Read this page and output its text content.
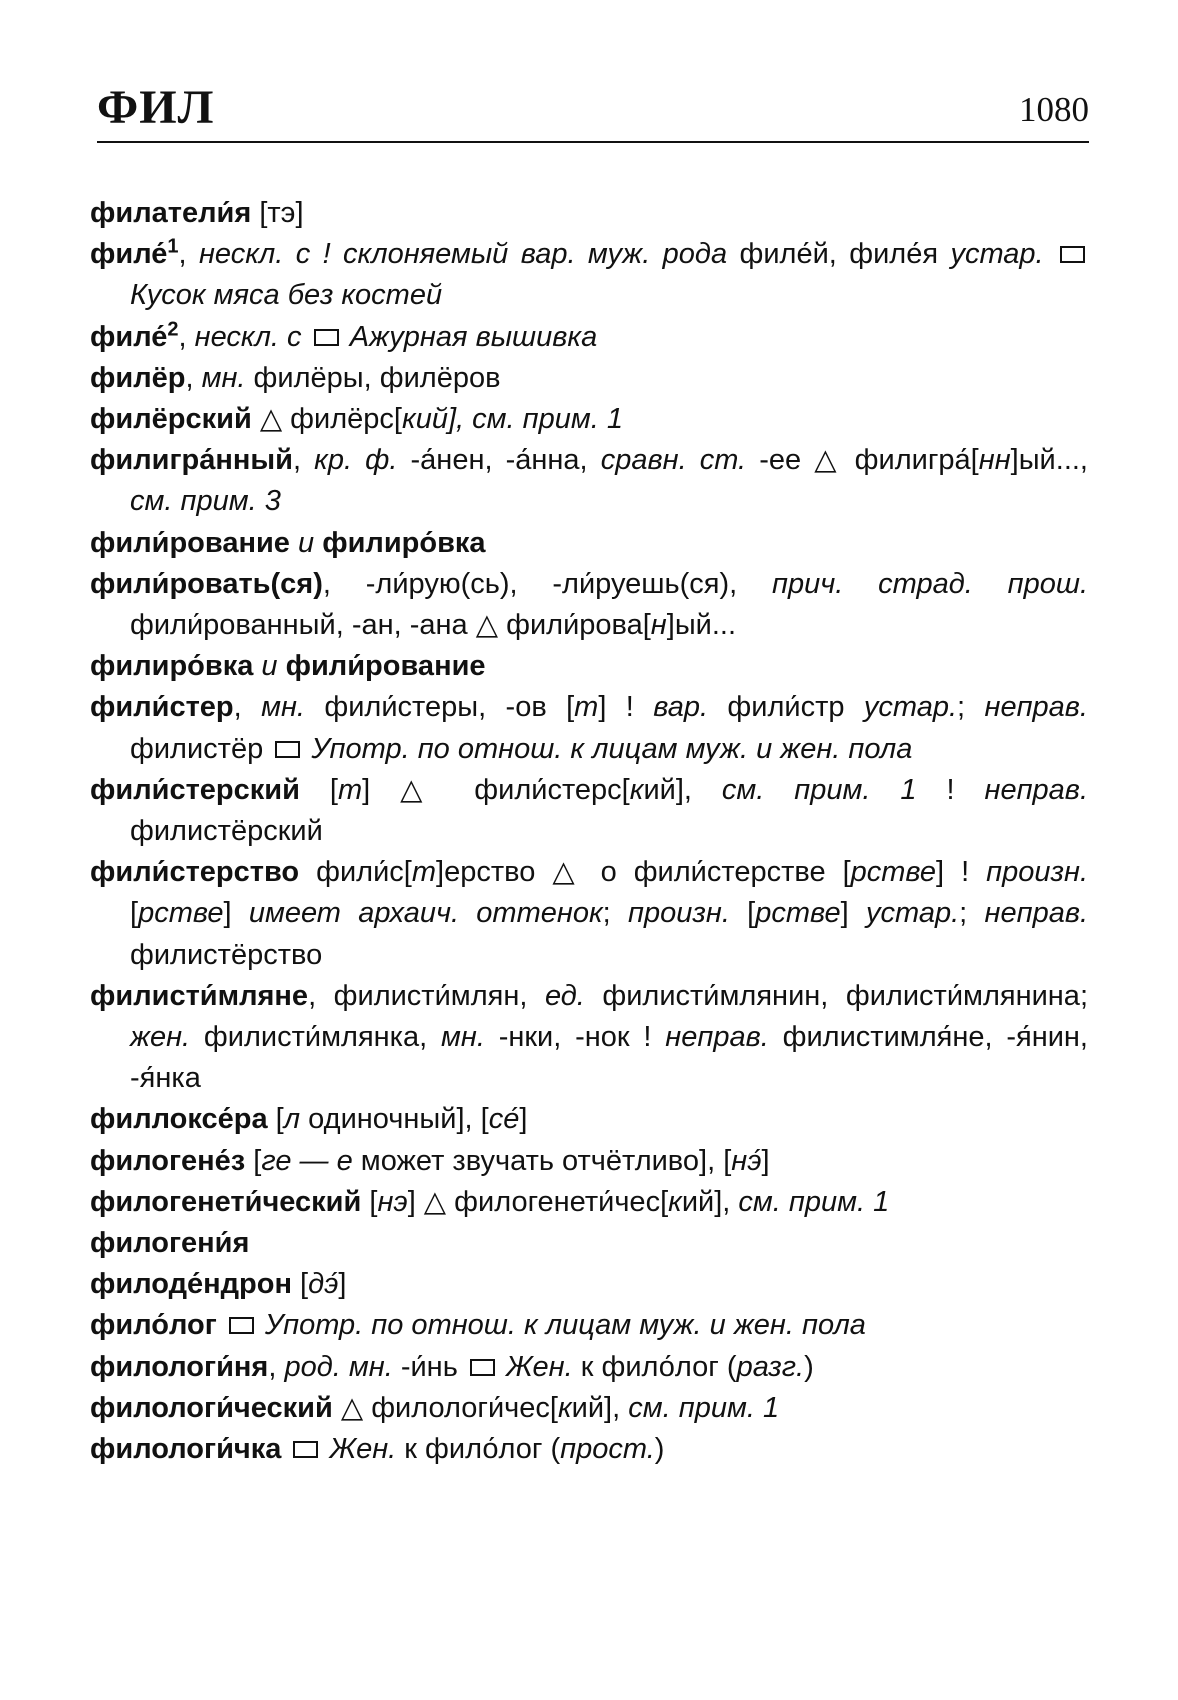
ФИЛ	1080

филатели́я [тэ]

филе́$^1$, нескл. с ! склоняемый вар. муж. рода филе́й, филе́я устар.  Кусок мяса без костей

филе́$^2$, нескл. с Ажурная вышивка

филёр, мн. филёры, филёров

филёрский △ филёрс[кий], см. прим. 1

филигра́нный, кр. ф. -а́нен, -а́нна, сравн. ст. -ее △ филигра́[нн]ый..., см. прим. 3

фили́рование и филиро́вка

фили́ровать(ся), -ли́рую(сь), -ли́руешь(ся), прич. страд. прош. фили́рованный, -ан, -ана △ фили́рова[н]ый...

филиро́вка и фили́рование

фили́стер, мн. фили́стеры, -ов [т] ! вар. фили́стр устар.; неправ. филистёр  Употр. по отнош. к лицам муж. и жен. пола

фили́стерский [т] △ фили́стерс[кий], см. прим. 1 ! неправ. филистёрский

фили́стерство фили́с[т]ерство △ о фили́стерстве [рстве] ! произн. [рстве] имеет архаич. оттенок; произн. [рстве] устар.; неправ. филистёрство

филисти́мляне, филисти́млян, ед. филисти́млянин, филисти́млянина; жен. филисти́млянка, мн. -нки, -нок ! неправ. филистимля́не, -я́нин, -я́нка

филлоксе́ра [л одиночный], [се́]

филогене́з [ге — е может звучать отчётливо], [нэ́]

филогенети́ческий [нэ] △ филогенети́чес[кий], см. прим. 1

филогени́я

филоде́ндрон [дэ́]

фило́лог Употр. по отнош. к лицам муж. и жен. пола

филологи́ня, род. мн. -и́нь  Жен. к фило́лог (разг.)

филологи́ческий △ филологи́чес[кий], см. прим. 1

филологи́чка Жен. к фило́лог (прост.)
